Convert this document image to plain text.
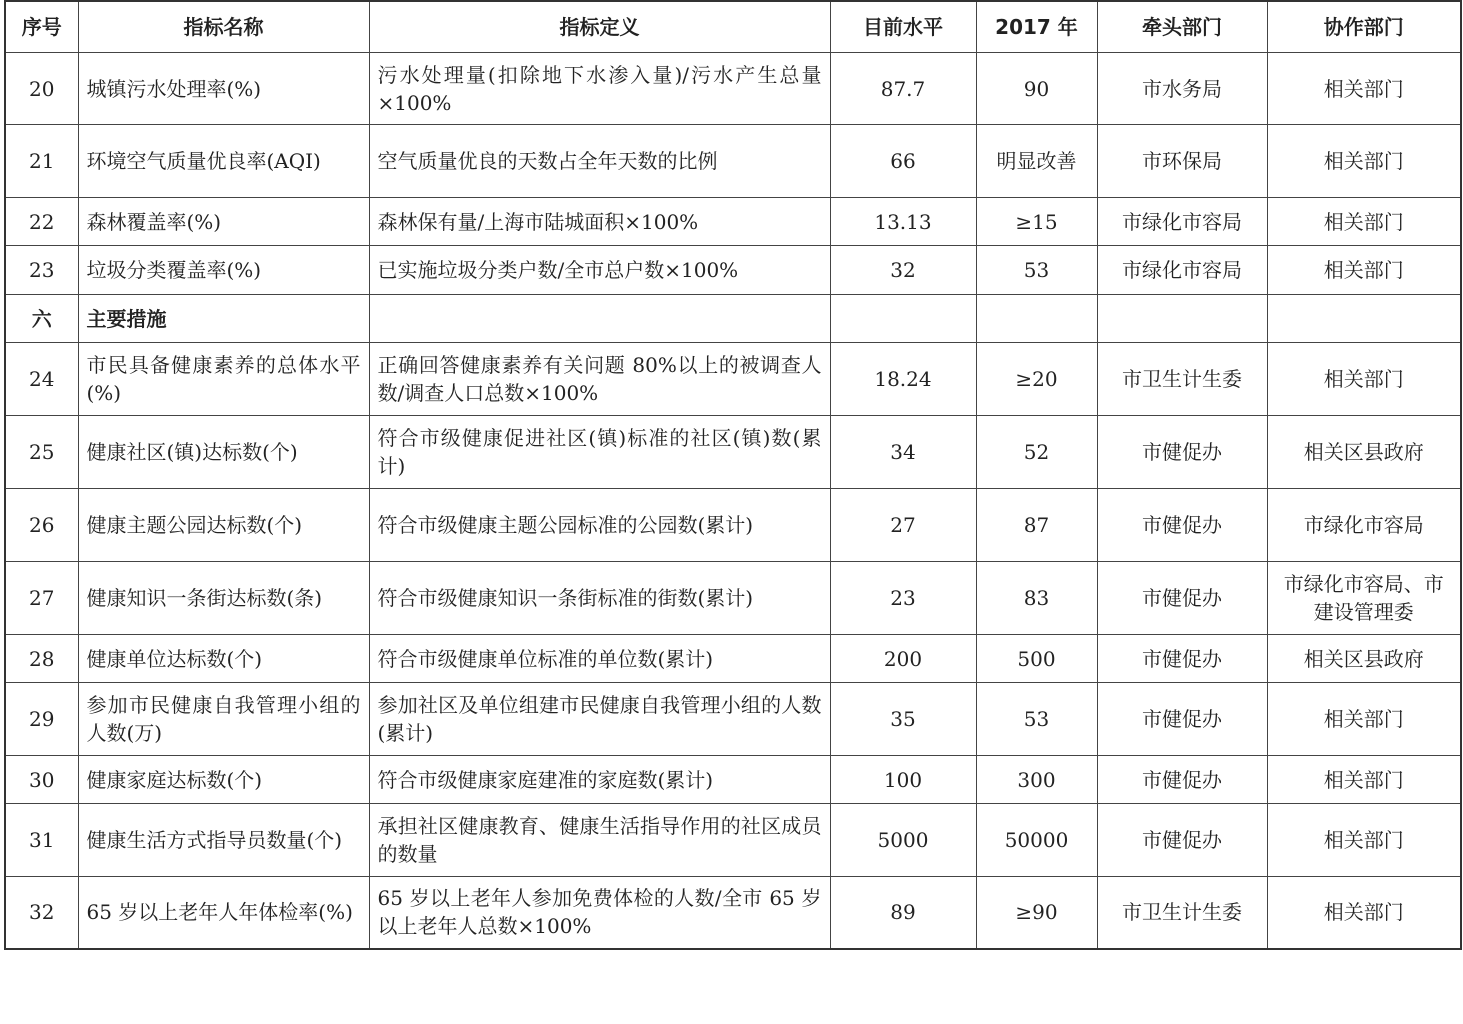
序号	指标名称	指标定义	目前水平	2017 年	牵头部门	协作部门
20	城镇污水处理率(%)	污水处理量(扣除地下水渗入量)/污水产生总量×100%	87.7	90	市水务局	相关部门
21	环境空气质量优良率(AQI)	空气质量优良的天数占全年天数的比例	66	明显改善	市环保局	相关部门
22	森林覆盖率(%)	森林保有量/上海市陆城面积×100%	13.13	≥15	市绿化市容局	相关部门
23	垃圾分类覆盖率(%)	已实施垃圾分类户数/全市总户数×100%	32	53	市绿化市容局	相关部门
六	主要措施					
24	市民具备健康素养的总体水平(%)	正确回答健康素养有关问题 80%以上的被调查人数/调查人口总数×100%	18.24	≥20	市卫生计生委	相关部门
25	健康社区(镇)达标数(个)	符合市级健康促进社区(镇)标准的社区(镇)数(累计)	34	52	市健促办	相关区县政府
26	健康主题公园达标数(个)	符合市级健康主题公园标准的公园数(累计)	27	87	市健促办	市绿化市容局
27	健康知识一条街达标数(条)	符合市级健康知识一条街标准的街数(累计)	23	83	市健促办	市绿化市容局、市建设管理委
28	健康单位达标数(个)	符合市级健康单位标准的单位数(累计)	200	500	市健促办	相关区县政府
29	参加市民健康自我管理小组的人数(万)	参加社区及单位组建市民健康自我管理小组的人数(累计)	35	53	市健促办	相关部门
30	健康家庭达标数(个)	符合市级健康家庭建准的家庭数(累计)	100	300	市健促办	相关部门
31	健康生活方式指导员数量(个)	承担社区健康教育、健康生活指导作用的社区成员的数量	5000	50000	市健促办	相关部门
32	65 岁以上老年人年体检率(%)	65 岁以上老年人参加免费体检的人数/全市 65 岁以上老年人总数×100%	89	≥90	市卫生计生委	相关部门
